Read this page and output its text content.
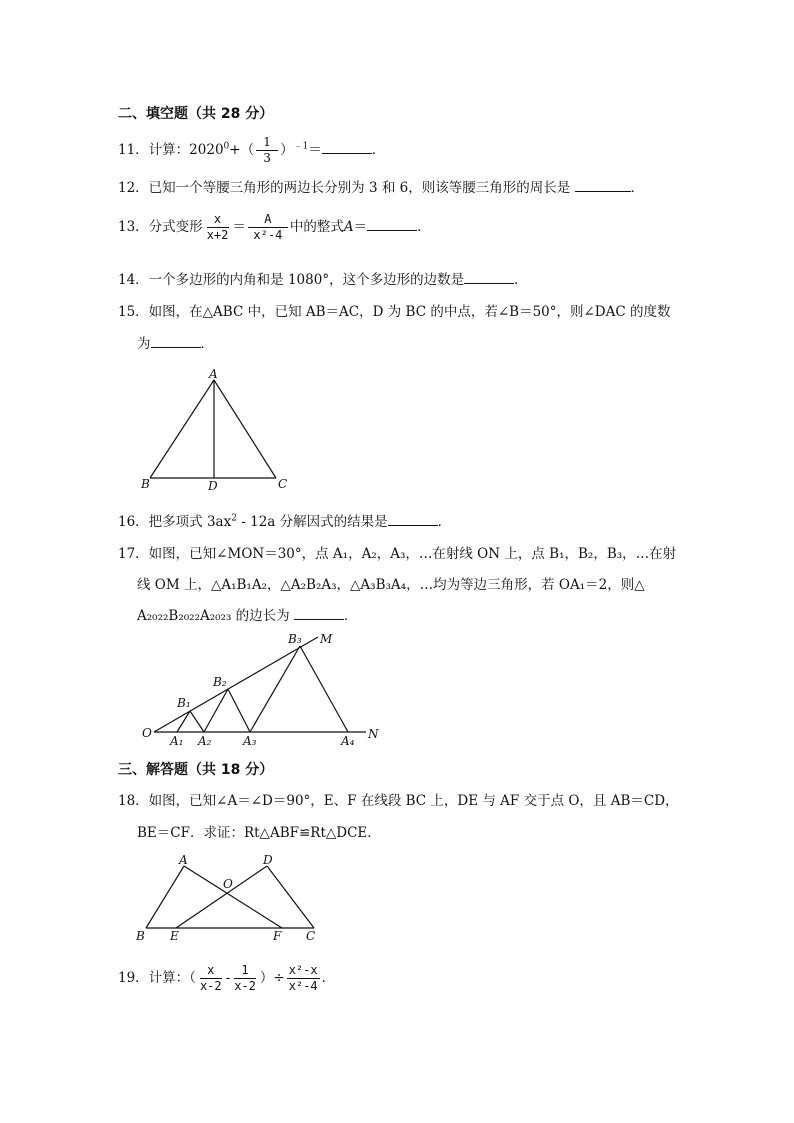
二、填空题（共 28 分）
11．计算：$2020^0+( \frac{1}{3} )^{﹣1}=$	．
12．已知一个等腰三角形的两边长分别为 3 和 6，则该等腰三角形的周长是	．
13．分式变形 $\frac{x}{x+2} = \frac{A}{\text{x²-4}}$ 中的整式A＝	．
14．一个多边形的内角和是 1080°，这个多边形的边数是	．
15．如图，在△ABC 中，已知 AB＝AC，D 为 BC 的中点，若∠B＝50°，则∠DAC 的度数
为	．
A
B	D	C
16．把多项式 $3ax^2 - 12a$ 分解因式的结果是	．
17．如图，已知∠MON＝30°，点 A₁，A₂，A₃，…在射线 ON 上，点 B₁，B₂，B₃，…在射
线 OM 上，△A₁B₁A₂，△A₂B₂A₃，△A₃B₃A₄，…均为等边三角形，若 OA₁＝2，则△
A₂₀₂₂B₂₀₂₂A₂₀₂₃ 的边长为	．
O
M
N
A₁ A₂	A₃	A₄
B₁
B₂
B₃
三、解答题（共 18 分）
18．如图，已知∠A＝∠D＝90°，E、F 在线段 BC 上，DE 与 AF 交于点 O，且 AB＝CD，
BE＝CF．求证：Rt△ABF≌Rt△DCE．
A	D
O
B E	F C
19．计算：（ $\frac{x}{x-2} - \frac{1}{x-2}$ ）÷ $\frac{\text{x²-x}}{\text{x²-4}}$ ．
